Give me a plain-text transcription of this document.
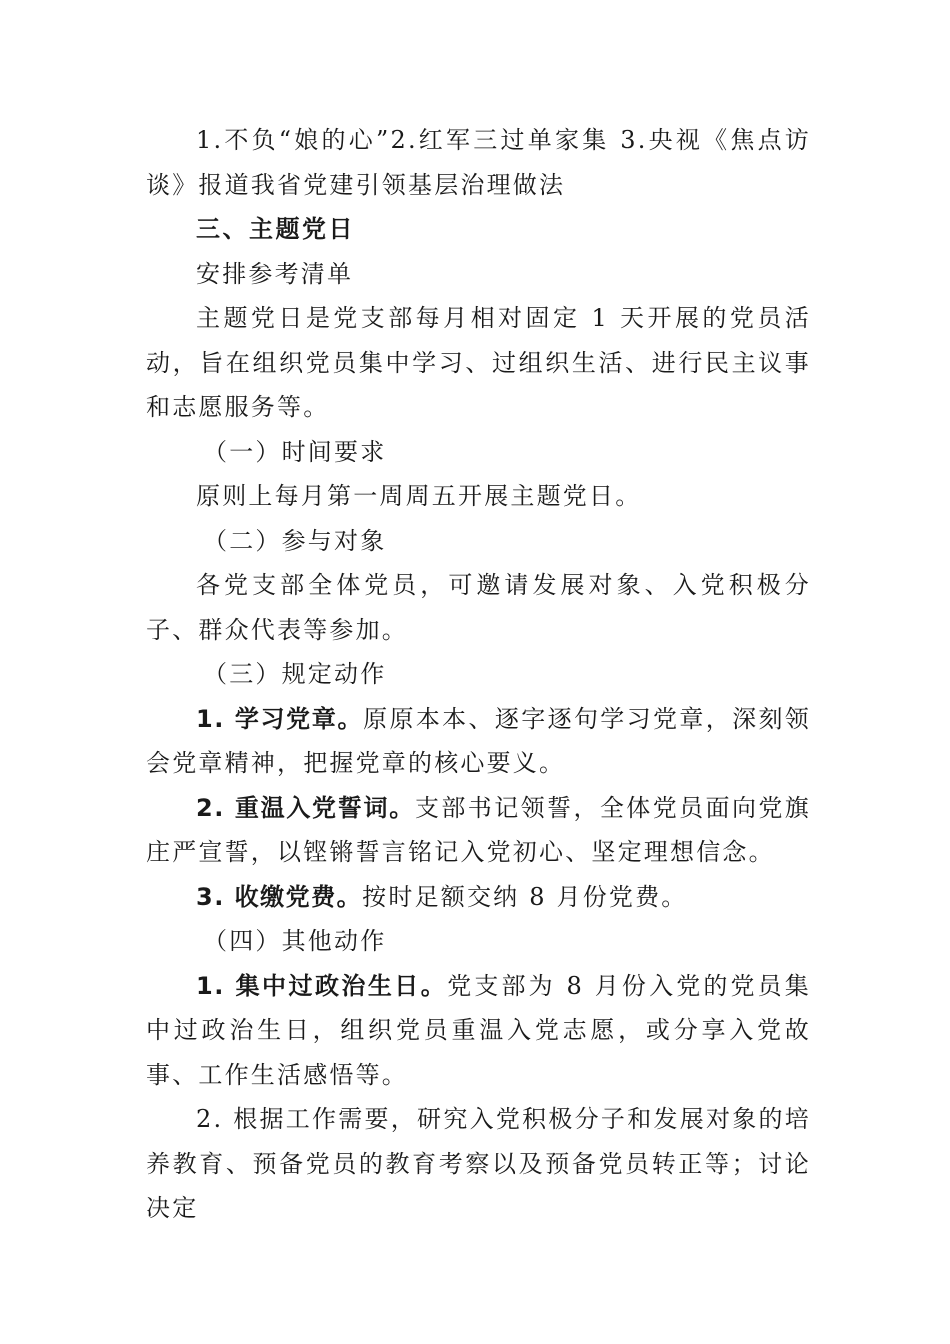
1.不负“娘的心”2.红军三过单家集 3.央视《焦点访谈》报道我省党建引领基层治理做法

三、主题党日

安排参考清单

主题党日是党支部每月相对固定 1 天开展的党员活动，旨在组织党员集中学习、过组织生活、进行民主议事和志愿服务等。

（一）时间要求

原则上每月第一周周五开展主题党日。

（二）参与对象

各党支部全体党员，可邀请发展对象、入党积极分子、群众代表等参加。

（三）规定动作

1. 学习党章。原原本本、逐字逐句学习党章，深刻领会党章精神，把握党章的核心要义。

2. 重温入党誓词。支部书记领誓，全体党员面向党旗庄严宣誓，以铿锵誓言铭记入党初心、坚定理想信念。

3. 收缴党费。按时足额交纳 8 月份党费。

（四）其他动作

1. 集中过政治生日。党支部为 8 月份入党的党员集中过政治生日，组织党员重温入党志愿，或分享入党故事、工作生活感悟等。

2. 根据工作需要，研究入党积极分子和发展对象的培养教育、预备党员的教育考察以及预备党员转正等；讨论决定
